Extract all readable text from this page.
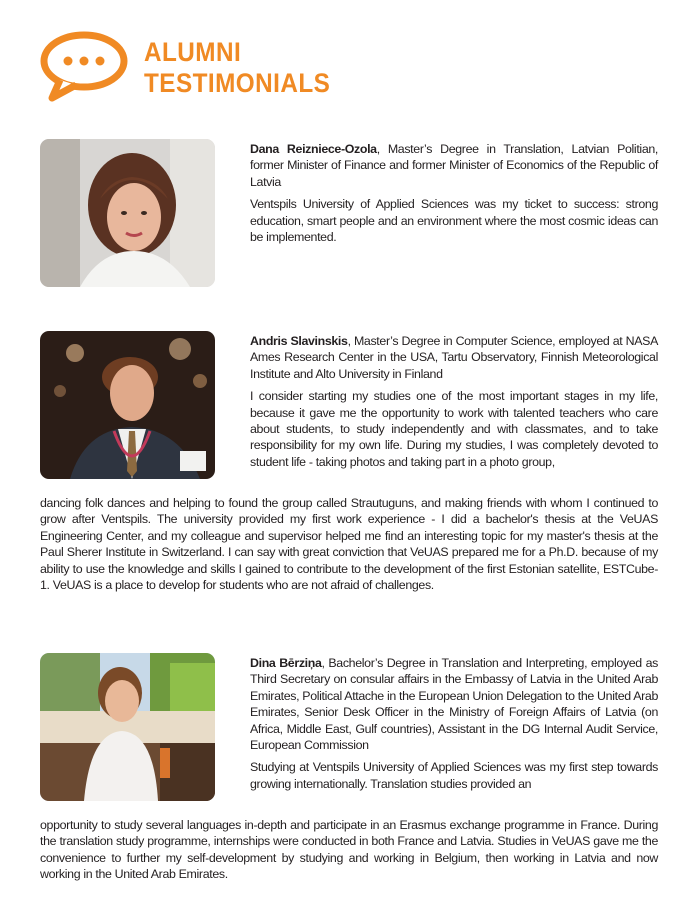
ALUMNI
TESTIMONIALS

Dana Reizniece-Ozola, Master’s Degree in Translation, Latvian Politian, former Minister of Finance and former Minister of Economics of the Republic of Latvia

Ventspils University of Applied Sciences was my ticket to success: strong education, smart people and an environment where the most cosmic ideas can be implemented.

Andris Slavinskis, Master’s Degree in Computer Science, employed at NASA Ames Research Center in the USA, Tartu Observatory, Finnish Meteorological Institute and Alto University in Finland

I consider starting my studies one of the most important stages in my life, because it gave me the opportunity to work with talented teachers who care about students, to study independently and with classmates, and to take responsibility for my own life. During my studies, I was completely devoted to student life - taking photos and taking part in a photo group,

dancing folk dances and helping to found the group called Strautuguns, and making friends with whom I continued to grow after Ventspils. The university provided my first work experience - I did a bachelor's thesis at the VeUAS Engineering Center, and my colleague and supervisor helped me find an interesting topic for my master's thesis at the Paul Sherer Institute in Switzerland. I can say with great conviction that VeUAS prepared me for a Ph.D. because of my ability to use the knowledge and skills I gained to contribute to the development of the first Estonian satellite, ESTCube-1. VeUAS is a place to develop for students who are not afraid of challenges.

Dina Bērziņa, Bachelor’s Degree in Translation and Interpreting, employed as Third Secretary on consular affairs in the Embassy of Latvia in the United Arab Emirates, Political Attache in the European Union Delegation to the United Arab Emirates, Senior Desk Officer in the Ministry of Foreign Affairs of Latvia (on Africa, Middle East, Gulf countries), Assistant in the DG Internal Audit Service, European Commission

Studying at Ventspils University of Applied Sciences was my first step towards growing internationally. Translation studies provided an

opportunity to study several languages in-depth and participate in an Erasmus exchange programme in France. During the translation study programme, internships were conducted in both France and Latvia. Studies in VeUAS gave me the convenience to further my self-development by studying and working in Belgium, then working in Latvia and now working in the United Arab Emirates.
